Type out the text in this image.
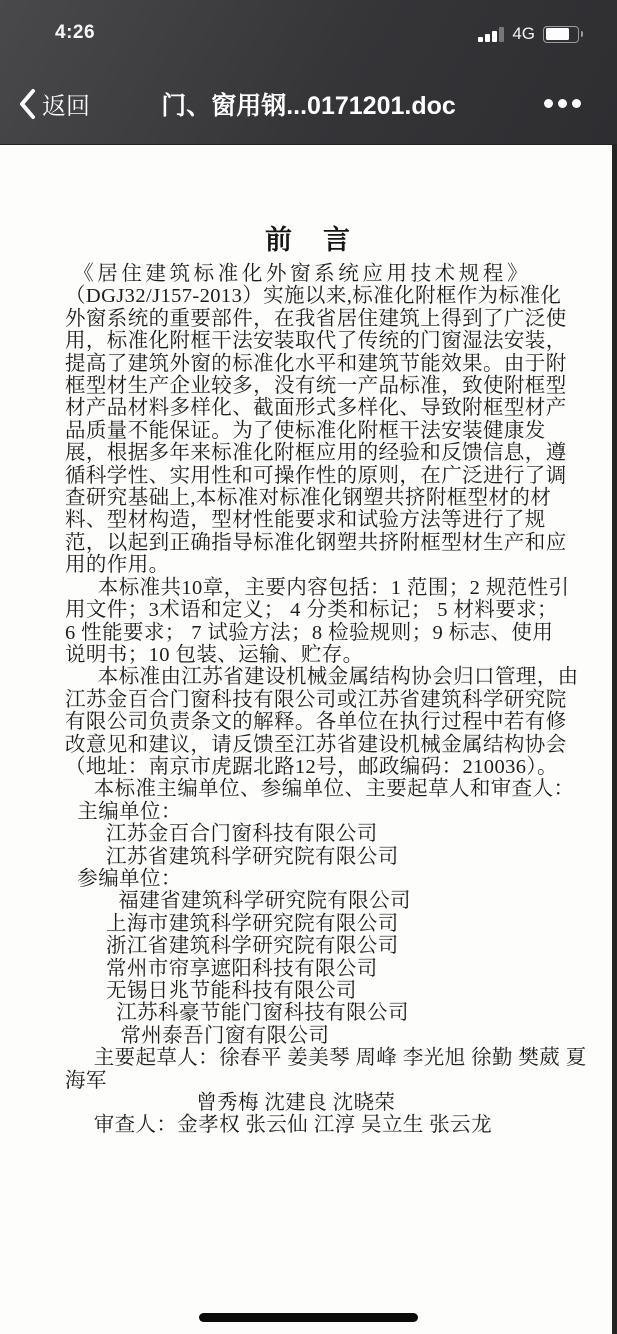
4:26	4G
返回	门、窗用钢...0171201.doc
前　言
《居住建筑标准化外窗系统应用技术规程》
（DGJ32/J157-2013）实施以来,标准化附框作为标准化
外窗系统的重要部件，在我省居住建筑上得到了广泛使
用，标准化附框干法安装取代了传统的门窗湿法安装，
提高了建筑外窗的标准化水平和建筑节能效果。由于附
框型材生产企业较多，没有统一产品标准，致使附框型
材产品材料多样化、截面形式多样化、导致附框型材产
品质量不能保证。为了使标准化附框干法安装健康发
展，根据多年来标准化附框应用的经验和反馈信息，遵
循科学性、实用性和可操作性的原则，在广泛进行了调
查研究基础上,本标准对标准化钢塑共挤附框型材的材
料、型材构造，型材性能要求和试验方法等进行了规
范，以起到正确指导标准化钢塑共挤附框型材生产和应
用的作用。
本标准共10章，主要内容包括：1 范围；2 规范性引
用文件；3术语和定义； 4 分类和标记； 5 材料要求；
6 性能要求； 7 试验方法；8 检验规则；9 标志、使用
说明书；10 包装、运输、贮存。
本标准由江苏省建设机械金属结构协会归口管理，由
江苏金百合门窗科技有限公司或江苏省建筑科学研究院
有限公司负责条文的解释。各单位在执行过程中若有修
改意见和建议，请反馈至江苏省建设机械金属结构协会
（地址：南京市虎踞北路12号，邮政编码：210036）。
本标准主编单位、参编单位、主要起草人和审查人：
主编单位：
江苏金百合门窗科技有限公司
江苏省建筑科学研究院有限公司
参编单位：
福建省建筑科学研究院有限公司
上海市建筑科学研究院有限公司
浙江省建筑科学研究院有限公司
常州市帘享遮阳科技有限公司
无锡日兆节能科技有限公司
江苏科豪节能门窗科技有限公司
常州泰吾门窗有限公司
主要起草人：徐春平 姜美琴 周峰 李光旭 徐勤 樊葳 夏
海军
曾秀梅 沈建良 沈晓荣
审查人：金孝权 张云仙 江淳 吴立生 张云龙
